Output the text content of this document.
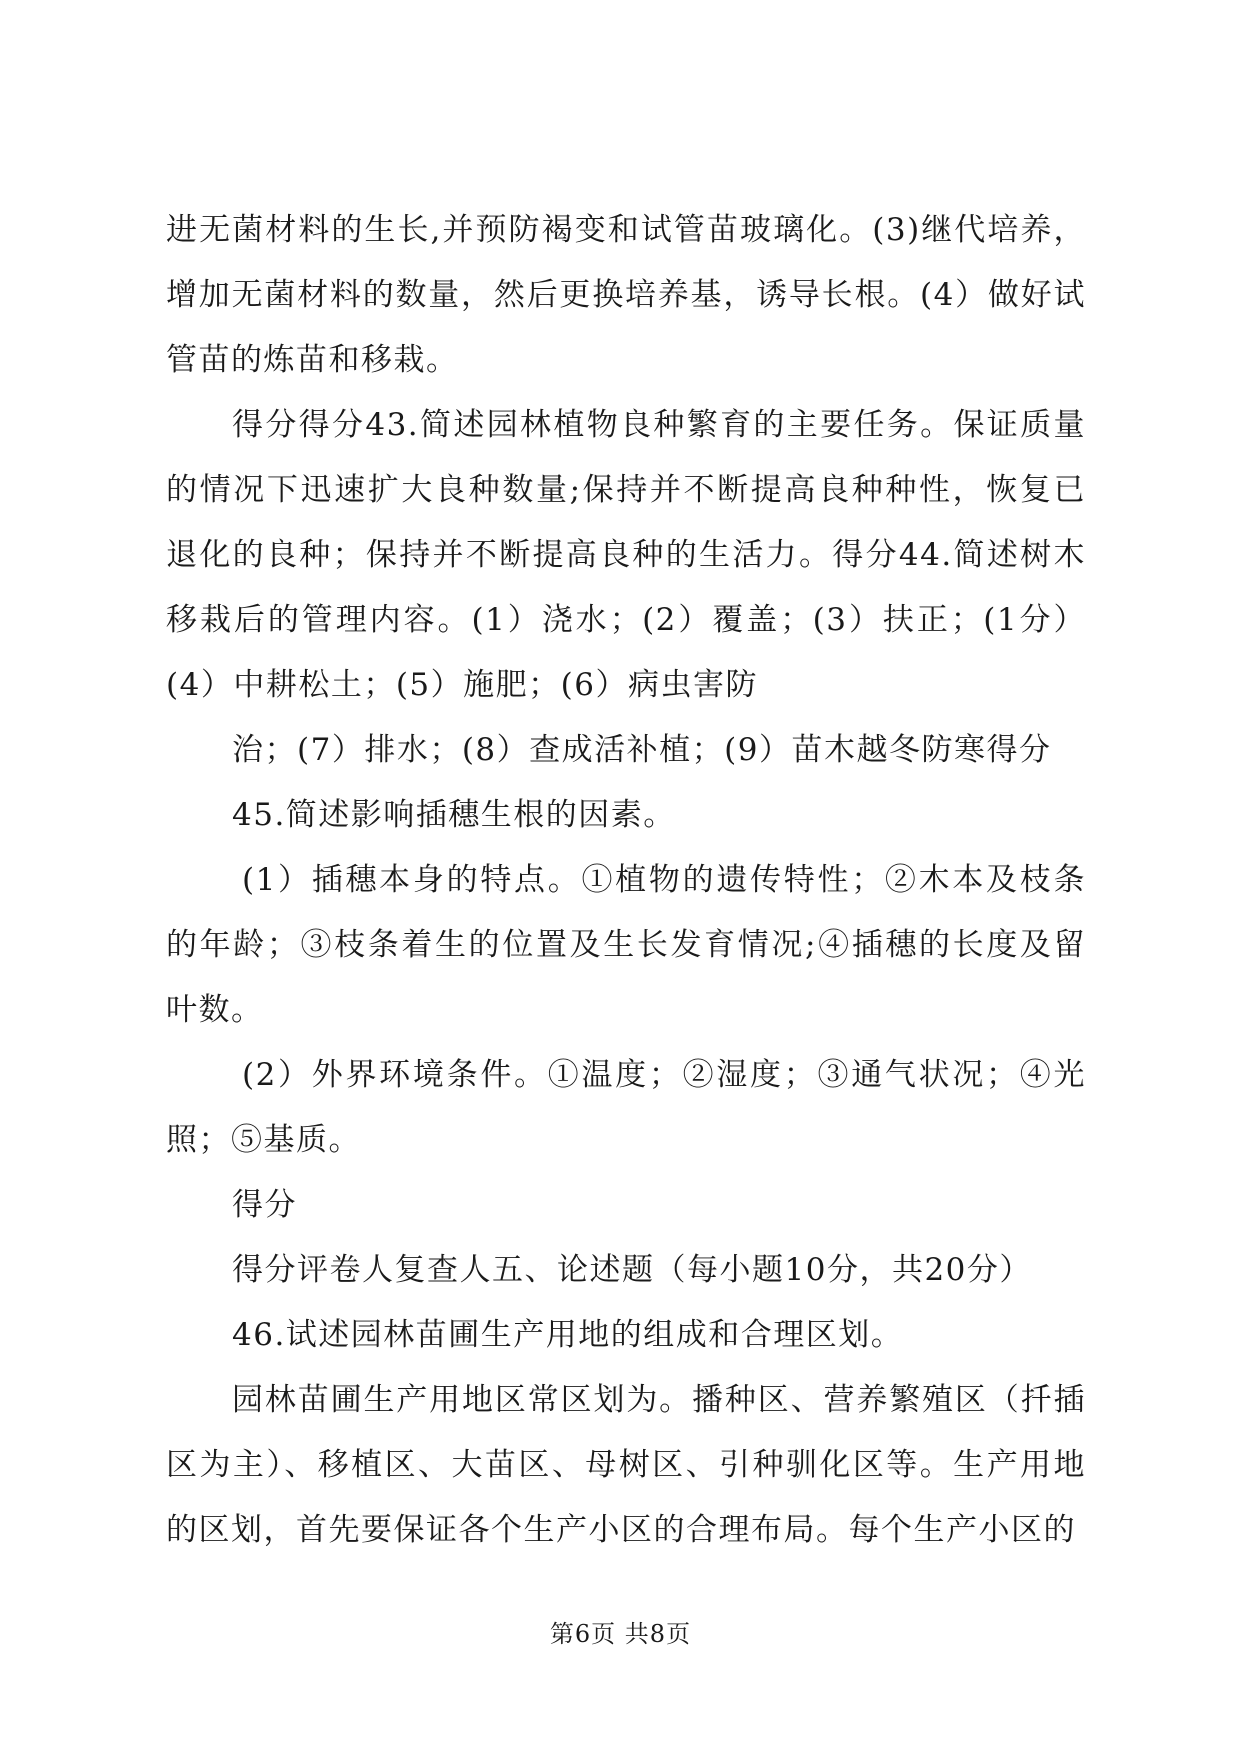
进无菌材料的生长,并预防褐变和试管苗玻璃化。(3)继代培养，增加无菌材料的数量，然后更换培养基，诱导长根。(4）做好试管苗的炼苗和移栽。

得分得分43.简述园林植物良种繁育的主要任务。保证质量的情况下迅速扩大良种数量;保持并不断提高良种种性，恢复已退化的良种；保持并不断提高良种的生活力。得分44.简述树木移栽后的管理内容。(1）浇水；(2）覆盖；(3）扶正；(1分）(4）中耕松土；(5）施肥；(6）病虫害防

治；(7）排水；(8）查成活补植；(9）苗木越冬防寒得分

45.简述影响插穗生根的因素。

(1）插穗本身的特点。①植物的遗传特性；②木本及枝条的年龄；③枝条着生的位置及生长发育情况;④插穗的长度及留叶数。

(2）外界环境条件。①温度；②湿度；③通气状况；④光照；⑤基质。

得分

得分评卷人复查人五、论述题（每小题10分，共20分）

46.试述园林苗圃生产用地的组成和合理区划。

园林苗圃生产用地区常区划为。播种区、营养繁殖区（扦插区为主）、移植区、大苗区、母树区、引种驯化区等。生产用地的区划，首先要保证各个生产小区的合理布局。每个生产小区的

第6页 共8页
